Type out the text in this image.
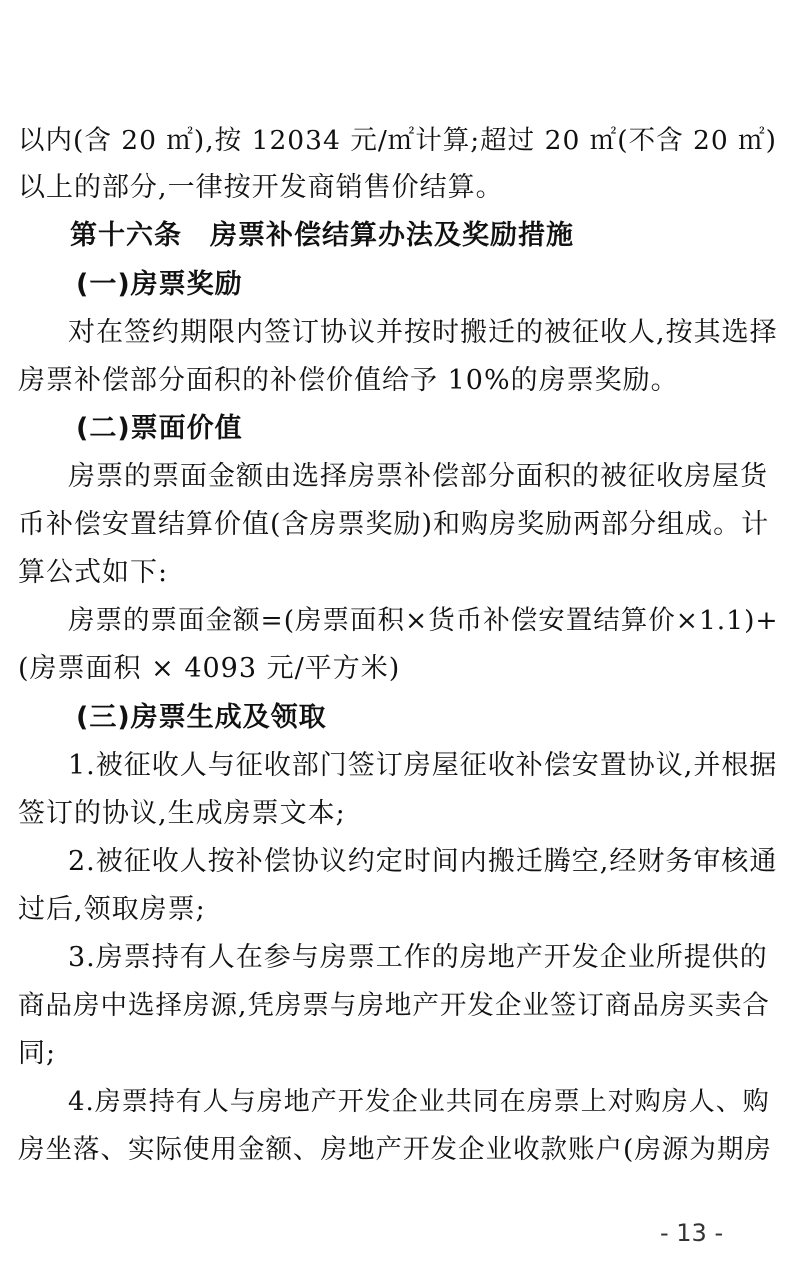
以内(含 20 ㎡),按 12034 元/㎡计算;超过 20 ㎡(不含 20 ㎡)
以上的部分,一律按开发商销售价结算。
第十六条　房票补偿结算办法及奖励措施
(一)房票奖励
对在签约期限内签订协议并按时搬迁的被征收人,按其选择
房票补偿部分面积的补偿价值给予 10%的房票奖励。
(二)票面价值
房票的票面金额由选择房票补偿部分面积的被征收房屋货
币补偿安置结算价值(含房票奖励)和购房奖励两部分组成。计
算公式如下:
房票的票面金额=(房票面积×货币补偿安置结算价×1.1)+
(房票面积 × 4093 元/平方米)
(三)房票生成及领取
1.被征收人与征收部门签订房屋征收补偿安置协议,并根据
签订的协议,生成房票文本;
2.被征收人按补偿协议约定时间内搬迁腾空,经财务审核通
过后,领取房票;
3.房票持有人在参与房票工作的房地产开发企业所提供的
商品房中选择房源,凭房票与房地产开发企业签订商品房买卖合
同;
4.房票持有人与房地产开发企业共同在房票上对购房人、购
房坐落、实际使用金额、房地产开发企业收款账户(房源为期房
- 13 -
